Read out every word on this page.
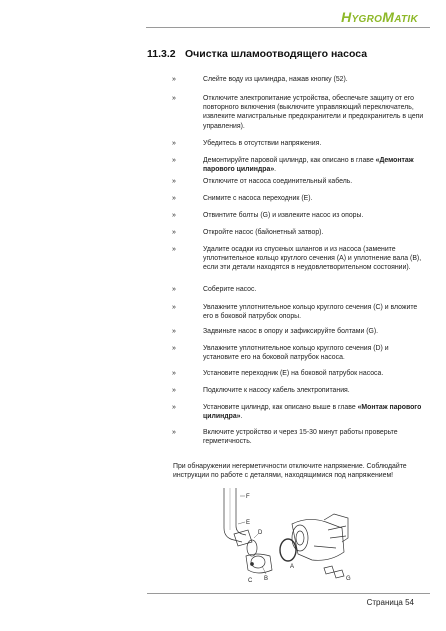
HYGROMATIK
11.3.2 Очистка шламоотводящего насоса
»	Слейте воду из цилиндра, нажав кнопку (52).
»	Отключите электропитание устройства, обеспечьте защиту от его повторного включения (выключите управляющий переключатель, извлеките магистральные предохранители и предохранитель в цепи управления).
»	Убедитесь в отсутствии напряжения.
»	Демонтируйте паровой цилиндр, как описано в главе «Демонтаж парового цилиндра».
»	Отключите от насоса соединительный кабель.
»	Снимите с насоса переходник (E).
»	Отвинтите болты (G) и извлеките насос из опоры.
»	Откройте насос (байонетный затвор).
»	Удалите осадки из спускных шлангов и из насоса (замените уплотнительное кольцо круглого сечения (A) и уплотнение вала (B), если эти детали находятся в неудовлетворительном состоянии).
»	Соберите насос.
»	Увлажните уплотнительное кольцо круглого сечения (C) и вложите его в боковой патрубок опоры.
»	Задвиньте насос в опору и зафиксируйте болтами (G).
»	Увлажните уплотнительное кольцо круглого сечения (D) и установите его на боковой патрубок насоса.
»	Установите переходник (E) на боковой патрубок насоса.
»	Подключите к насосу кабель электропитания.
»	Установите цилиндр, как описано выше в главе «Монтаж парового цилиндра».
»	Включите устройство и через 15-30 минут работы проверьте герметичность.
При обнаружении негерметичности отключите напряжение. Соблюдайте инструкции по работе с деталями, находящимися под напряжением!
F
E
D
C B
A
G
Страница 54
